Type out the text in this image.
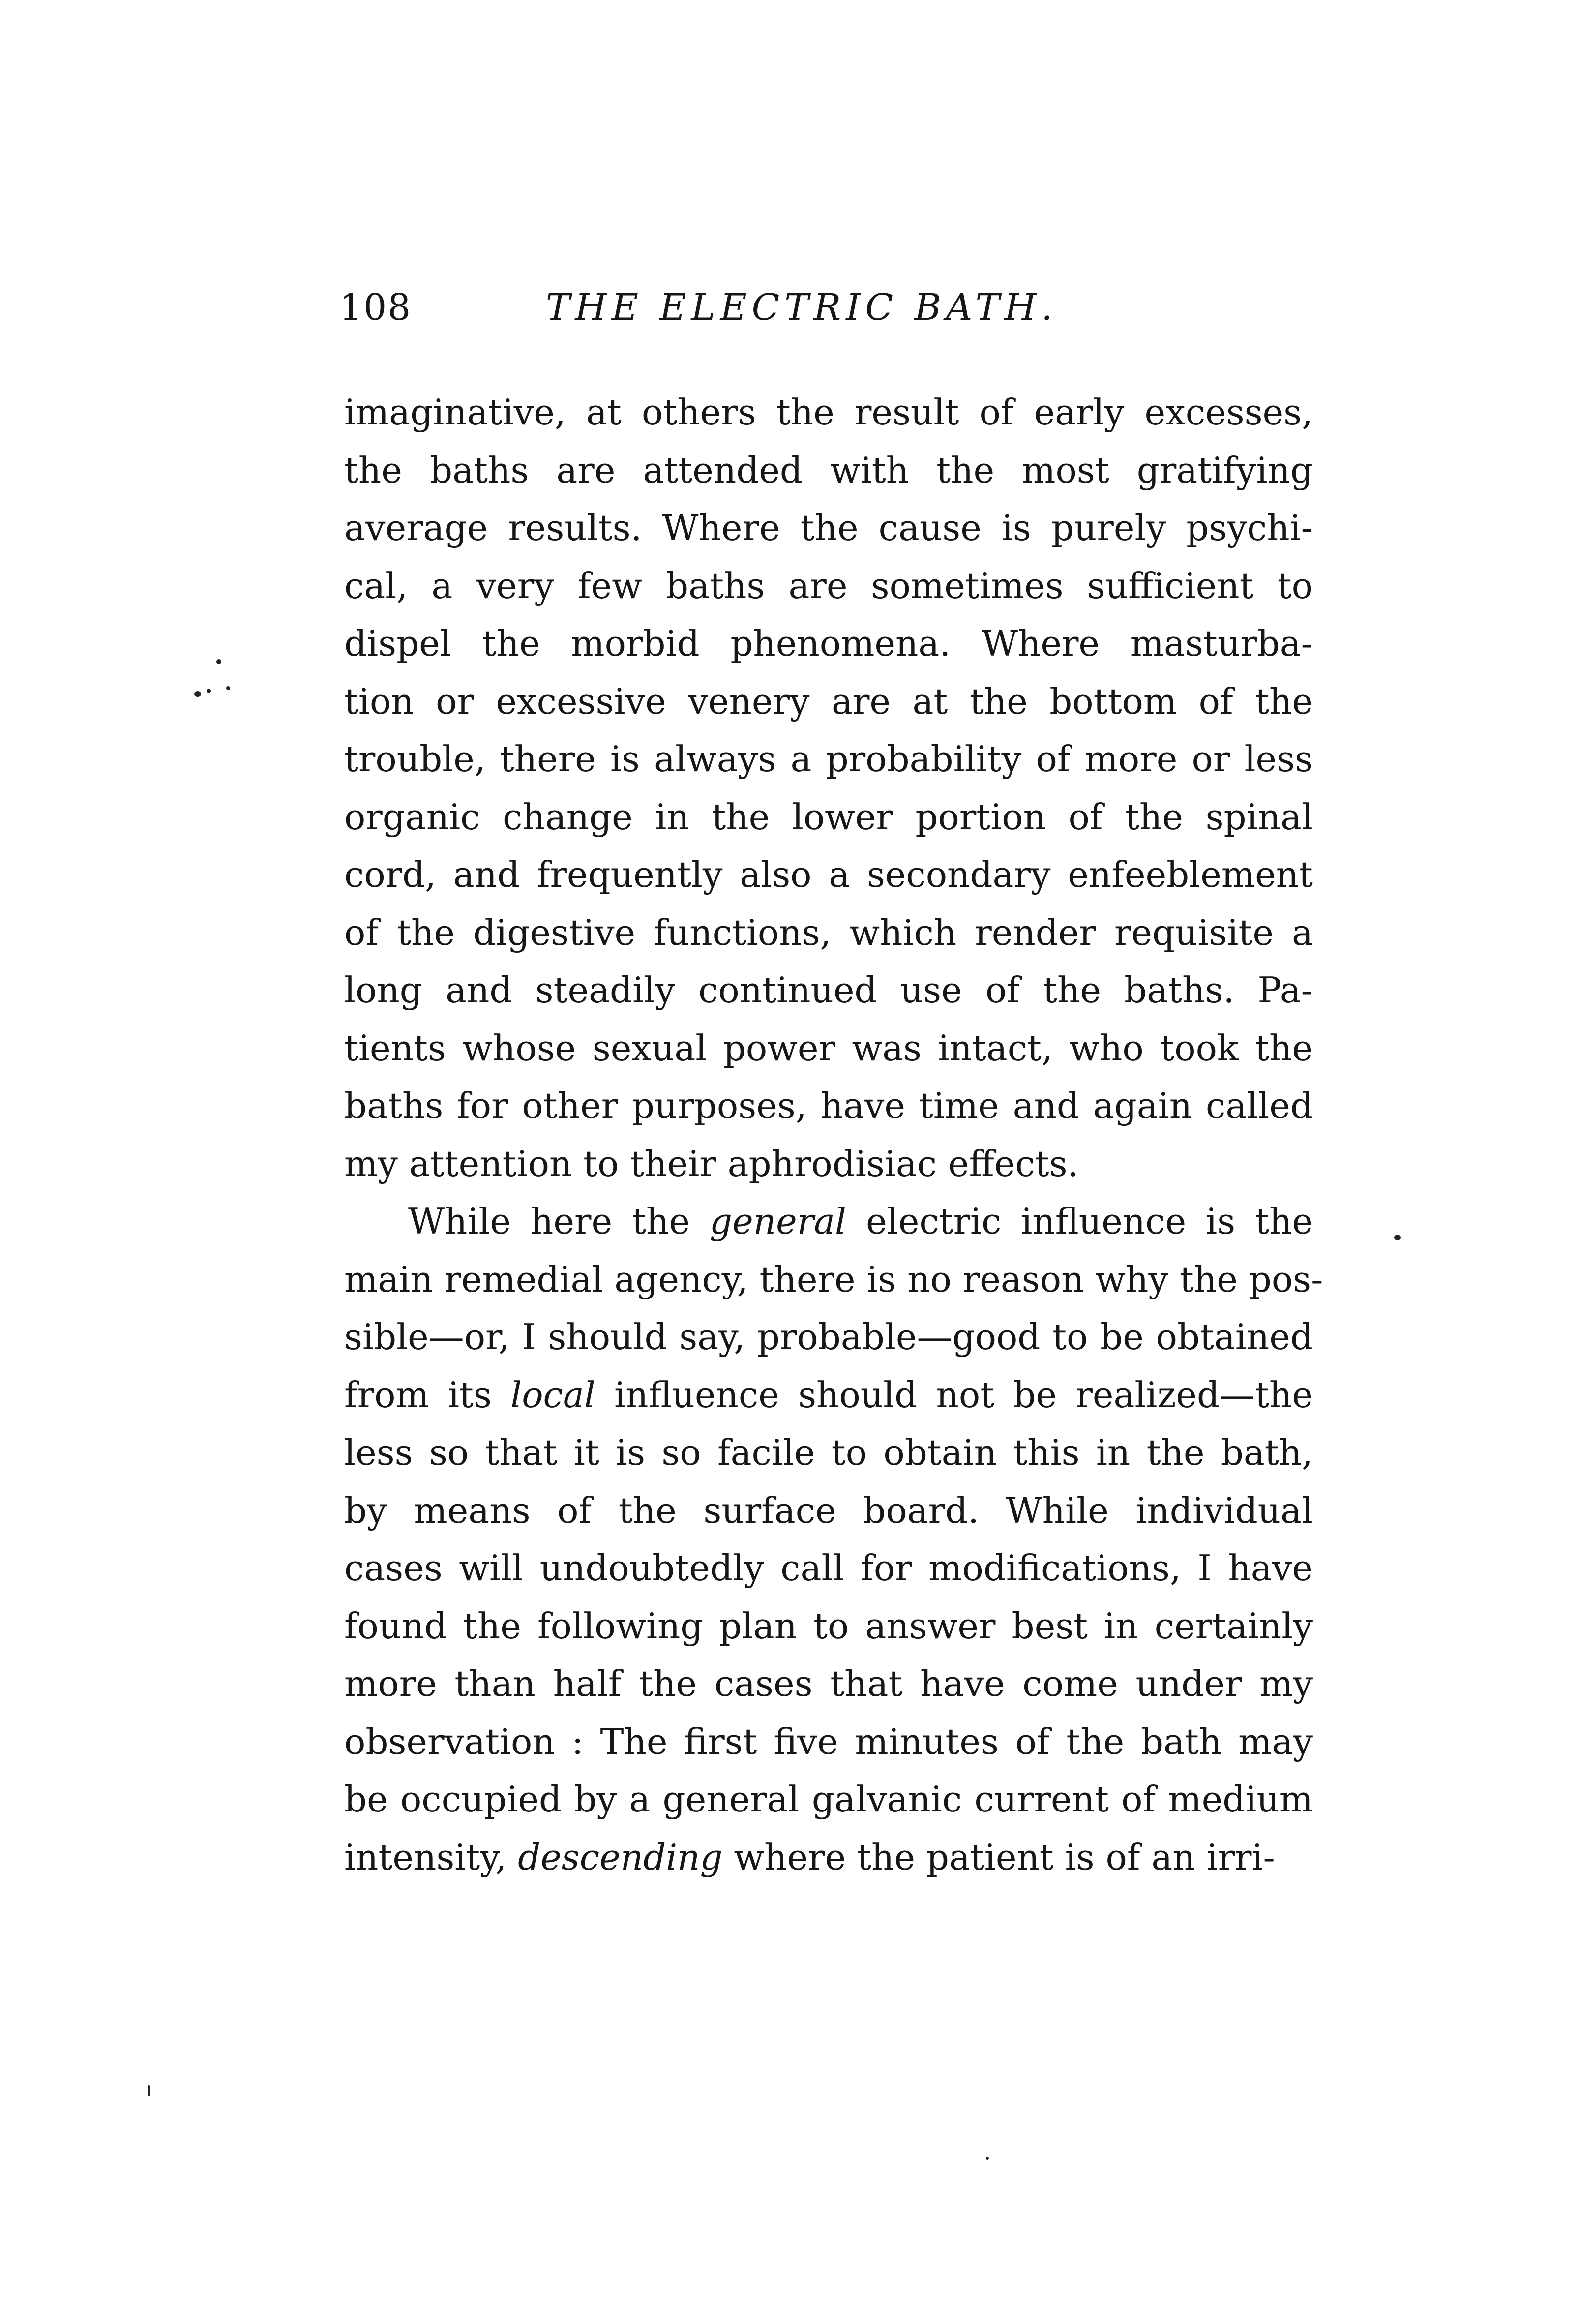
108	THE ELECTRIC BATH.
imaginative, at others the result of early excesses,
the baths are attended with the most gratifying
average results. Where the cause is purely psychi-
cal, a very few baths are sometimes sufficient to
dispel the morbid phenomena. Where masturba-
tion or excessive venery are at the bottom of the
trouble, there is always a probability of more or less
organic change in the lower portion of the spinal
cord, and frequently also a secondary enfeeblement
of the digestive functions, which render requisite a
long and steadily continued use of the baths. Pa-
tients whose sexual power was intact, who took the
baths for other purposes, have time and again called
my attention to their aphrodisiac effects.
While here the general electric influence is the
main remedial agency, there is no reason why the pos-
sible—or, I should say, probable—good to be obtained
from its local influence should not be realized—the
less so that it is so facile to obtain this in the bath,
by means of the surface board. While individual
cases will undoubtedly call for modifications, I have
found the following plan to answer best in certainly
more than half the cases that have come under my
observation : The first five minutes of the bath may
be occupied by a general galvanic current of medium
intensity, descending where the patient is of an irri-
